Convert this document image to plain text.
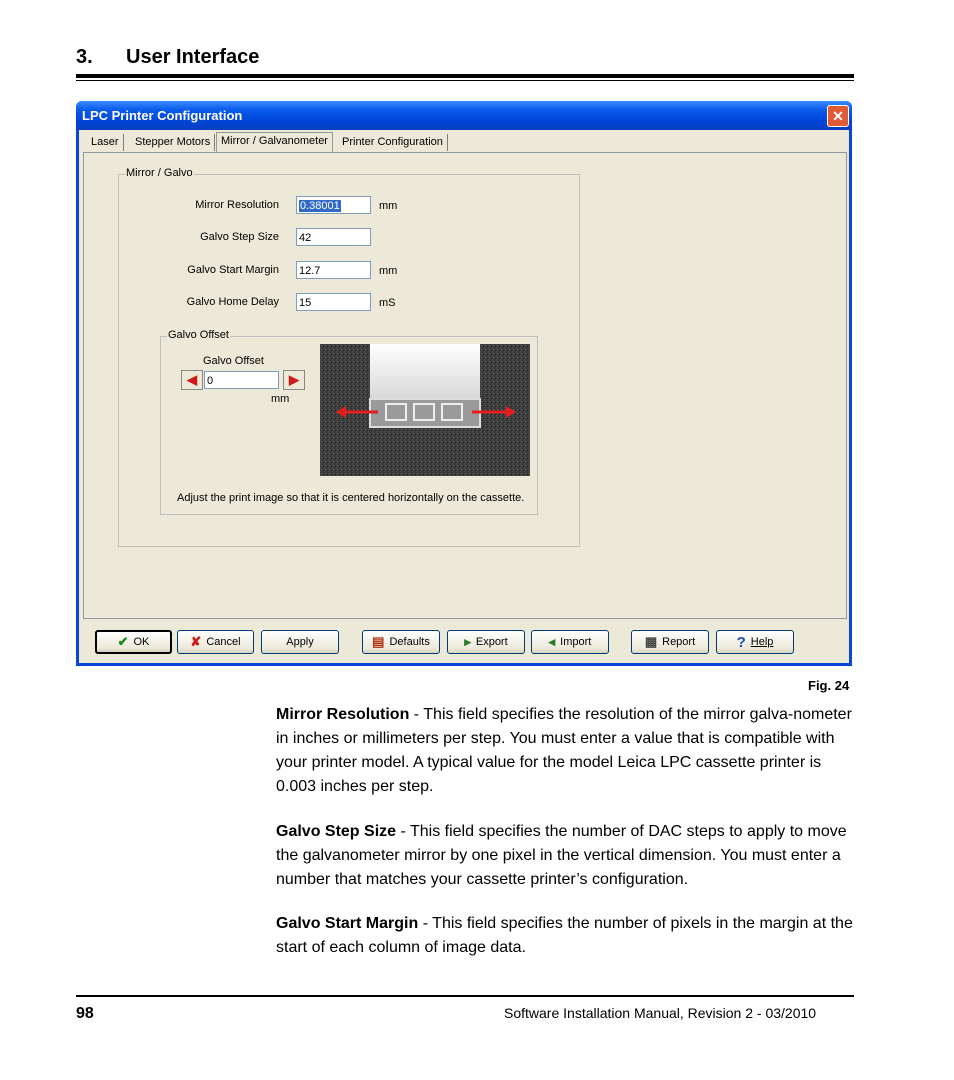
3. User Interface
LPC Printer Configuration	✕
Laser	Stepper Motors Mirror / Galvanometer	Printer Configuration
Mirror / Galvo
Mirror Resolution	0.38001	mm
Galvo Step Size 42
Galvo Start Margin 12.7	mm
Galvo Home Delay 15	mS
Galvo Offset
Galvo Offset
◀ 0	▶
mm
Adjust the print image so that it is centered horizontally on the cassette.
✔ OK	✘ Cancel	Apply	▤ Defaults	▸ Export	◂ Import	▦ Report	? Help
Fig. 24
Mirror Resolution - This field specifies the resolution of the mirror galva-nometer in inches or millimeters per step. You must enter a value that is compatible with your printer model. A typical value for the model Leica LPC cassette printer is 0.003 inches per step.
Galvo Step Size - This field specifies the number of DAC steps to apply to move the galvanometer mirror by one pixel in the vertical dimension. You must enter a number that matches your cassette printer’s configuration.
Galvo Start Margin - This field specifies the number of pixels in the margin at the start of each column of image data.
98	Software Installation Manual, Revision 2 - 03/2010
